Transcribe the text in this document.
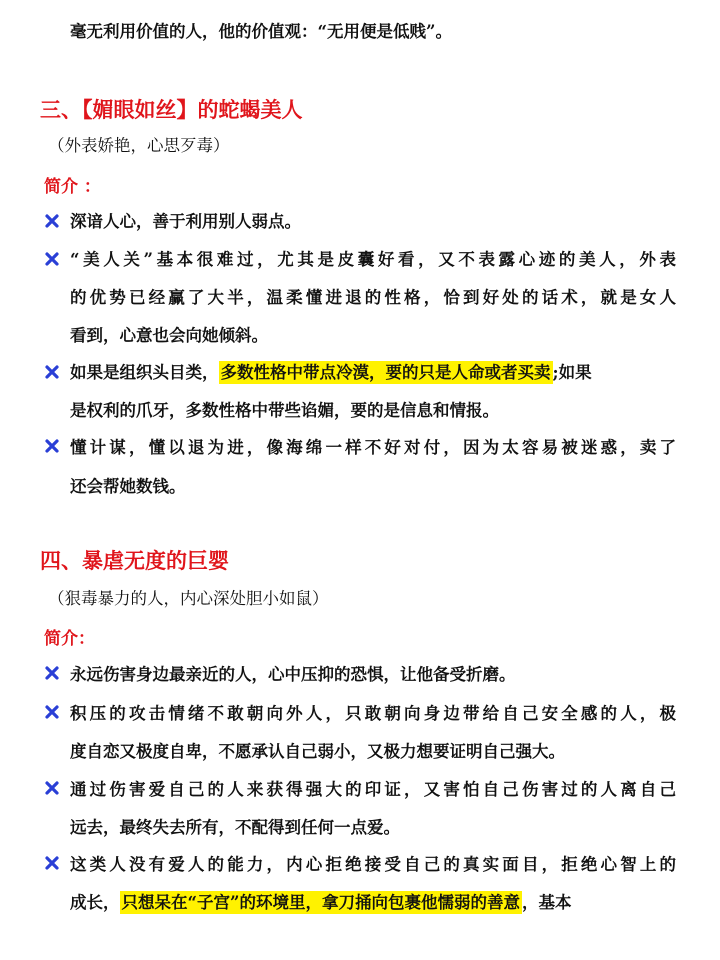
毫无利用价值的人，他的价值观：“无用便是低贱”。
三、【媚眼如丝】的蛇蝎美人
（外表娇艳，心思歹毒）
简介 ：
深谙人心，善于利用别人弱点。
“美人关”基本很难过，尤其是皮囊好看，又不表露心迹的美人，外表
的优势已经赢了大半，温柔懂进退的性格，恰到好处的话术，就是女人
看到，心意也会向她倾斜。
如果是组织头目类， 多数性格中带点冷漠，要的只是人命或者买卖 ;如果
是权利的爪牙，多数性格中带些谄媚，要的是信息和情报。
懂计谋，懂以退为进，像海绵一样不好对付，因为太容易被迷惑，卖了
还会帮她数钱。
四、暴虐无度的巨婴
（狠毒暴力的人，内心深处胆小如鼠）
简介：
永远伤害身边最亲近的人，心中压抑的恐惧，让他备受折磨。
积压的攻击情绪不敢朝向外人，只敢朝向身边带给自己安全感的人，极
度自恋又极度自卑，不愿承认自己弱小，又极力想要证明自己强大。
通过伤害爱自己的人来获得强大的印证，又害怕自己伤害过的人离自己
远去，最终失去所有，不配得到任何一点爱。
这类人没有爱人的能力，内心拒绝接受自己的真实面目，拒绝心智上的
成长， 只想呆在“子宫”的环境里，拿刀捅向包裹他懦弱的善意 ，基本
